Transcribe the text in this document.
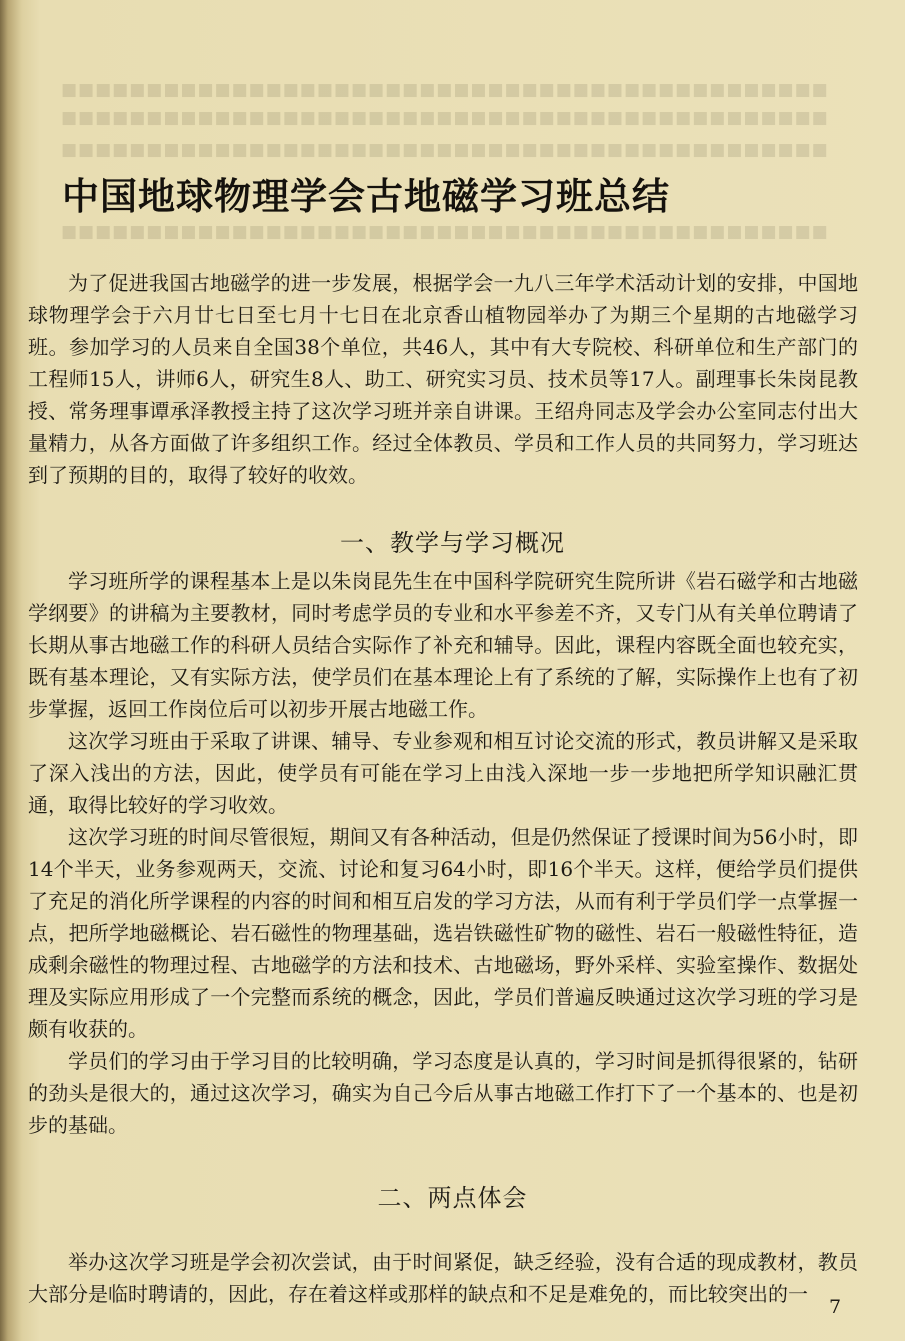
■■■■■■■■■■■■■■■■■■■■■■■■■■■■■■■■■■■■■■■■■■■■■
■■■■■■■■■■■■■■■■■■■■■■■■■■■■■■■■■■■■■■■■■■■■■
■■■■■■■■■■■■■■■■■■■■■■■■■■■■■■■■■■■■■■■■■■■■■
■■■■■■■■■■■■■■■■■■■■■■■■■■■■■■■■■■■■■■■■■■■■■
中国地球物理学会古地磁学习班总结

为了促进我国古地磁学的进一步发展，根据学会一九八三年学术活动计划的安排，中国地球物理学会于六月廿七日至七月十七日在北京香山植物园举办了为期三个星期的古地磁学习班。参加学习的人员来自全国38个单位，共46人，其中有大专院校、科研单位和生产部门的工程师15人，讲师6人，研究生8人、助工、研究实习员、技术员等17人。副理事长朱岗昆教授、常务理事谭承泽教授主持了这次学习班并亲自讲课。王绍舟同志及学会办公室同志付出大量精力，从各方面做了许多组织工作。经过全体教员、学员和工作人员的共同努力，学习班达到了预期的目的，取得了较好的收效。

一、教学与学习概况

学习班所学的课程基本上是以朱岗昆先生在中国科学院研究生院所讲《岩石磁学和古地磁学纲要》的讲稿为主要教材，同时考虑学员的专业和水平参差不齐，又专门从有关单位聘请了长期从事古地磁工作的科研人员结合实际作了补充和辅导。因此，课程内容既全面也较充实，既有基本理论，又有实际方法，使学员们在基本理论上有了系统的了解，实际操作上也有了初步掌握，返回工作岗位后可以初步开展古地磁工作。

这次学习班由于采取了讲课、辅导、专业参观和相互讨论交流的形式，教员讲解又是采取了深入浅出的方法，因此，使学员有可能在学习上由浅入深地一步一步地把所学知识融汇贯通，取得比较好的学习收效。

这次学习班的时间尽管很短，期间又有各种活动，但是仍然保证了授课时间为56小时，即14个半天，业务参观两天，交流、讨论和复习64小时，即16个半天。这样，便给学员们提供了充足的消化所学课程的内容的时间和相互启发的学习方法，从而有利于学员们学一点掌握一点，把所学地磁概论、岩石磁性的物理基础，选岩铁磁性矿物的磁性、岩石一般磁性特征，造成剩余磁性的物理过程、古地磁学的方法和技术、古地磁场，野外采样、实验室操作、数据处理及实际应用形成了一个完整而系统的概念，因此，学员们普遍反映通过这次学习班的学习是颇有收获的。

学员们的学习由于学习目的比较明确，学习态度是认真的，学习时间是抓得很紧的，钻研的劲头是很大的，通过这次学习，确实为自己今后从事古地磁工作打下了一个基本的、也是初步的基础。

二、两点体会

举办这次学习班是学会初次尝试，由于时间紧促，缺乏经验，没有合适的现成教材，教员大部分是临时聘请的，因此，存在着这样或那样的缺点和不足是难免的，而比较突出的一

7
